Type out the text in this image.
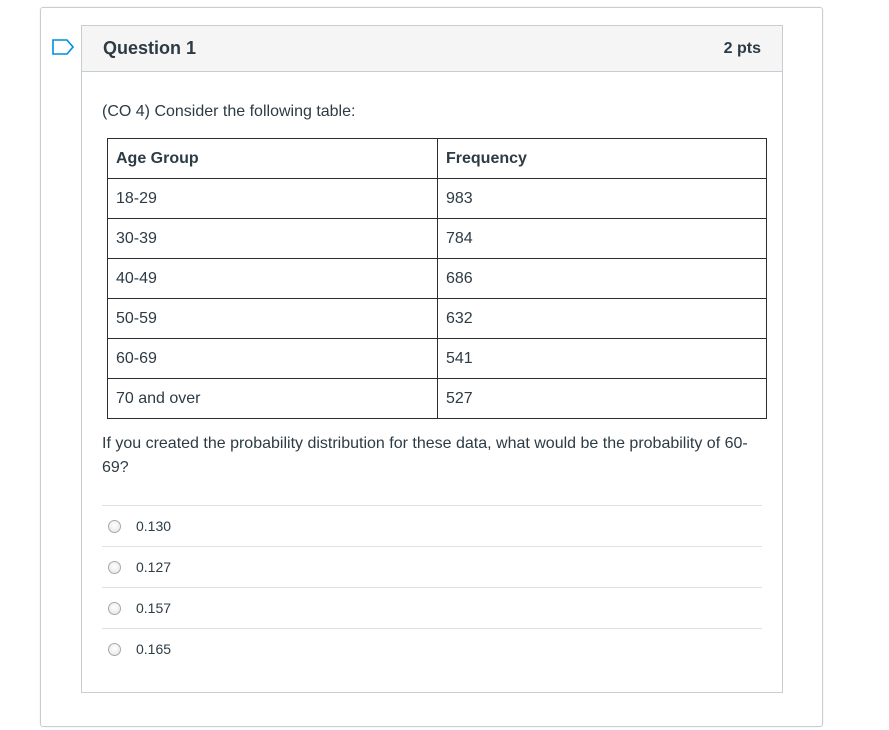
Question 1	2 pts

(CO 4) Consider the following table:

Age Group	Frequency
18-29	983
30-39	784
40-49	686
50-59	632
60-69	541
70 and over	527

If you created the probability distribution for these data, what would be the probability of 60-69?

0.130
0.127
0.157
0.165
